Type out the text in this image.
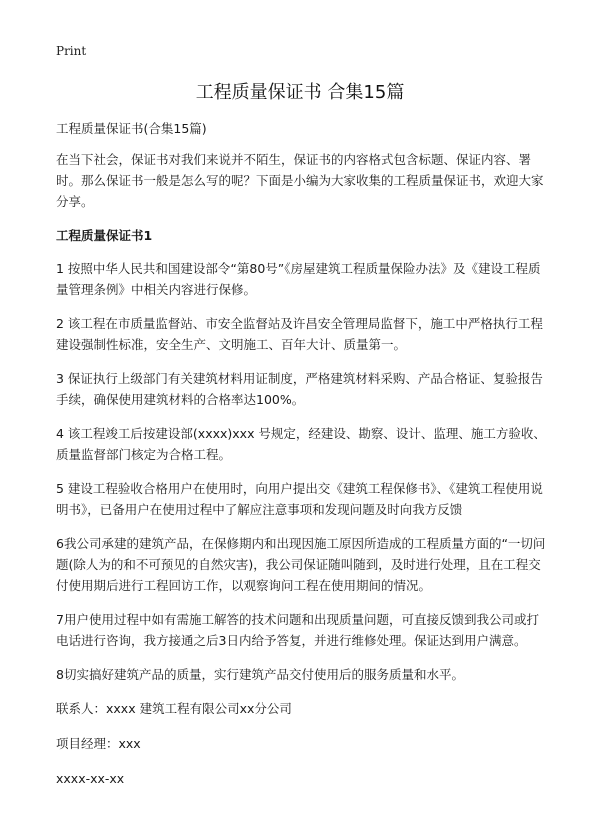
Print
工程质量保证书 合集15篇

工程质量保证书(合集15篇)

在当下社会，保证书对我们来说并不陌生，保证书的内容格式包含标题、保证内容、署时。那么保证书一般是怎么写的呢？下面是小编为大家收集的工程质量保证书，欢迎大家分享。

工程质量保证书1

1 按照中华人民共和国建设部令“第80号”《房屋建筑工程质量保险办法》及《建设工程质量管理条例》中相关内容进行保修。

2 该工程在市质量监督站、市安全监督站及许昌安全管理局监督下，施工中严格执行工程建设强制性标准，安全生产、文明施工、百年大计、质量第一。

3 保证执行上级部门有关建筑材料用证制度，严格建筑材料采购、产品合格证、复验报告手续，确保使用建筑材料的合格率达100%。

4 该工程竣工后按建设部(xxxx)xxx 号规定，经建设、勘察、设计、监理、施工方验收、质量监督部门核定为合格工程。

5 建设工程验收合格用户在使用时，向用户提出交《建筑工程保修书》、《建筑工程使用说明书》，已备用户在使用过程中了解应注意事项和发现问题及时向我方反馈

6我公司承建的建筑产品，在保修期内和出现因施工原因所造成的工程质量方面的“一切问题(除人为的和不可预见的自然灾害)，我公司保证随叫随到，及时进行处理，且在工程交付使用期后进行工程回访工作，以观察询问工程在使用期间的情况。

7用户使用过程中如有需施工解答的技术问题和出现质量问题，可直接反馈到我公司或打电话进行咨询，我方接通之后3日内给予答复，并进行维修处理。保证达到用户满意。

8切实搞好建筑产品的质量，实行建筑产品交付使用后的服务质量和水平。

联系人：xxxx 建筑工程有限公司xx分公司

项目经理：xxx

xxxx-xx-xx
